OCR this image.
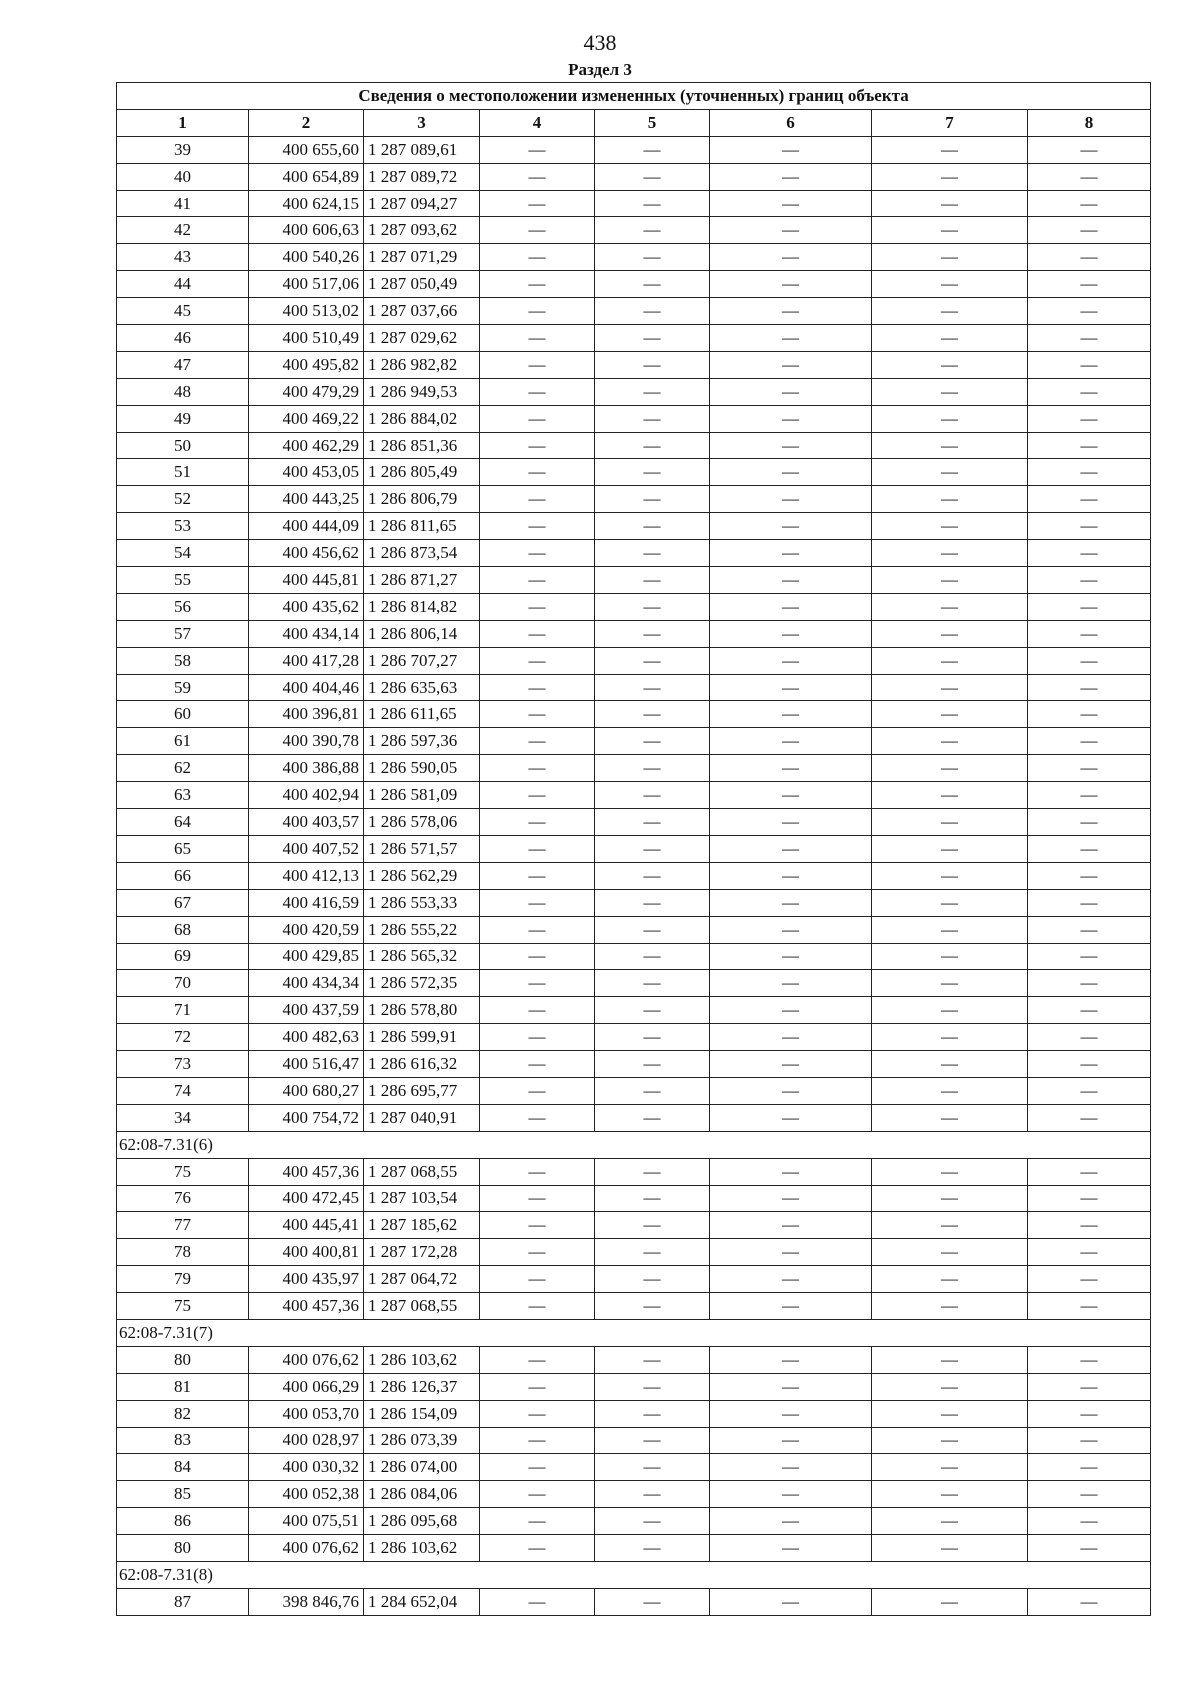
438
Раздел 3
Сведения о местоположении измененных (уточненных) границ объекта							
1	2	3	4	5	6	7	8
39	400 655,60	1 287 089,61	—	—	—	—	—
40	400 654,89	1 287 089,72	—	—	—	—	—
41	400 624,15	1 287 094,27	—	—	—	—	—
42	400 606,63	1 287 093,62	—	—	—	—	—
43	400 540,26	1 287 071,29	—	—	—	—	—
44	400 517,06	1 287 050,49	—	—	—	—	—
45	400 513,02	1 287 037,66	—	—	—	—	—
46	400 510,49	1 287 029,62	—	—	—	—	—
47	400 495,82	1 286 982,82	—	—	—	—	—
48	400 479,29	1 286 949,53	—	—	—	—	—
49	400 469,22	1 286 884,02	—	—	—	—	—
50	400 462,29	1 286 851,36	—	—	—	—	—
51	400 453,05	1 286 805,49	—	—	—	—	—
52	400 443,25	1 286 806,79	—	—	—	—	—
53	400 444,09	1 286 811,65	—	—	—	—	—
54	400 456,62	1 286 873,54	—	—	—	—	—
55	400 445,81	1 286 871,27	—	—	—	—	—
56	400 435,62	1 286 814,82	—	—	—	—	—
57	400 434,14	1 286 806,14	—	—	—	—	—
58	400 417,28	1 286 707,27	—	—	—	—	—
59	400 404,46	1 286 635,63	—	—	—	—	—
60	400 396,81	1 286 611,65	—	—	—	—	—
61	400 390,78	1 286 597,36	—	—	—	—	—
62	400 386,88	1 286 590,05	—	—	—	—	—
63	400 402,94	1 286 581,09	—	—	—	—	—
64	400 403,57	1 286 578,06	—	—	—	—	—
65	400 407,52	1 286 571,57	—	—	—	—	—
66	400 412,13	1 286 562,29	—	—	—	—	—
67	400 416,59	1 286 553,33	—	—	—	—	—
68	400 420,59	1 286 555,22	—	—	—	—	—
69	400 429,85	1 286 565,32	—	—	—	—	—
70	400 434,34	1 286 572,35	—	—	—	—	—
71	400 437,59	1 286 578,80	—	—	—	—	—
72	400 482,63	1 286 599,91	—	—	—	—	—
73	400 516,47	1 286 616,32	—	—	—	—	—
74	400 680,27	1 286 695,77	—	—	—	—	—
34	400 754,72	1 287 040,91	—	—	—	—	—
62:08-7.31(6)							
75	400 457,36	1 287 068,55	—	—	—	—	—
76	400 472,45	1 287 103,54	—	—	—	—	—
77	400 445,41	1 287 185,62	—	—	—	—	—
78	400 400,81	1 287 172,28	—	—	—	—	—
79	400 435,97	1 287 064,72	—	—	—	—	—
75	400 457,36	1 287 068,55	—	—	—	—	—
62:08-7.31(7)							
80	400 076,62	1 286 103,62	—	—	—	—	—
81	400 066,29	1 286 126,37	—	—	—	—	—
82	400 053,70	1 286 154,09	—	—	—	—	—
83	400 028,97	1 286 073,39	—	—	—	—	—
84	400 030,32	1 286 074,00	—	—	—	—	—
85	400 052,38	1 286 084,06	—	—	—	—	—
86	400 075,51	1 286 095,68	—	—	—	—	—
80	400 076,62	1 286 103,62	—	—	—	—	—
62:08-7.31(8)							
87	398 846,76	1 284 652,04	—	—	—	—	—
